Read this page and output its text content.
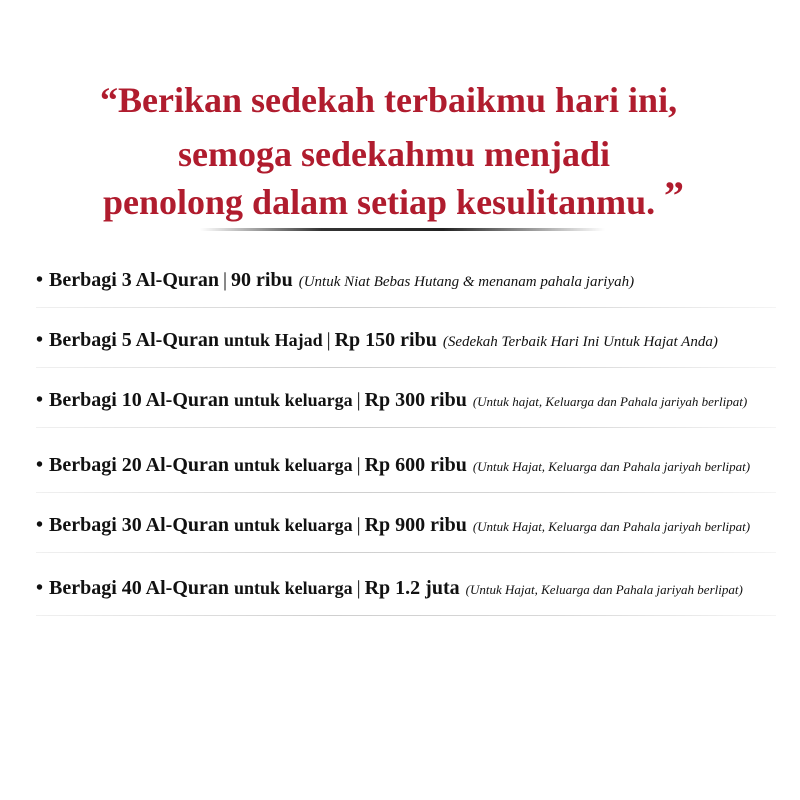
“Berikan sedekah terbaikmu hari ini,
semoga sedekahmu menjadi
penolong dalam setiap kesulitanmu. ”
• Berbagi 3 Al-Quran | 90 ribu (Untuk Niat Bebas Hutang & menanam pahala jariyah)
• Berbagi 5 Al-Quran untuk Hajad | Rp 150 ribu (Sedekah Terbaik Hari Ini Untuk Hajat Anda)
• Berbagi 10 Al-Quran untuk keluarga | Rp 300 ribu (Untuk hajat, Keluarga dan Pahala jariyah berlipat)
• Berbagi 20 Al-Quran untuk keluarga | Rp 600 ribu (Untuk Hajat, Keluarga dan Pahala jariyah berlipat)
• Berbagi 30 Al-Quran untuk keluarga | Rp 900 ribu (Untuk Hajat, Keluarga dan Pahala jariyah berlipat)
• Berbagi 40 Al-Quran untuk keluarga | Rp 1.2 juta (Untuk Hajat, Keluarga dan Pahala jariyah berlipat)
